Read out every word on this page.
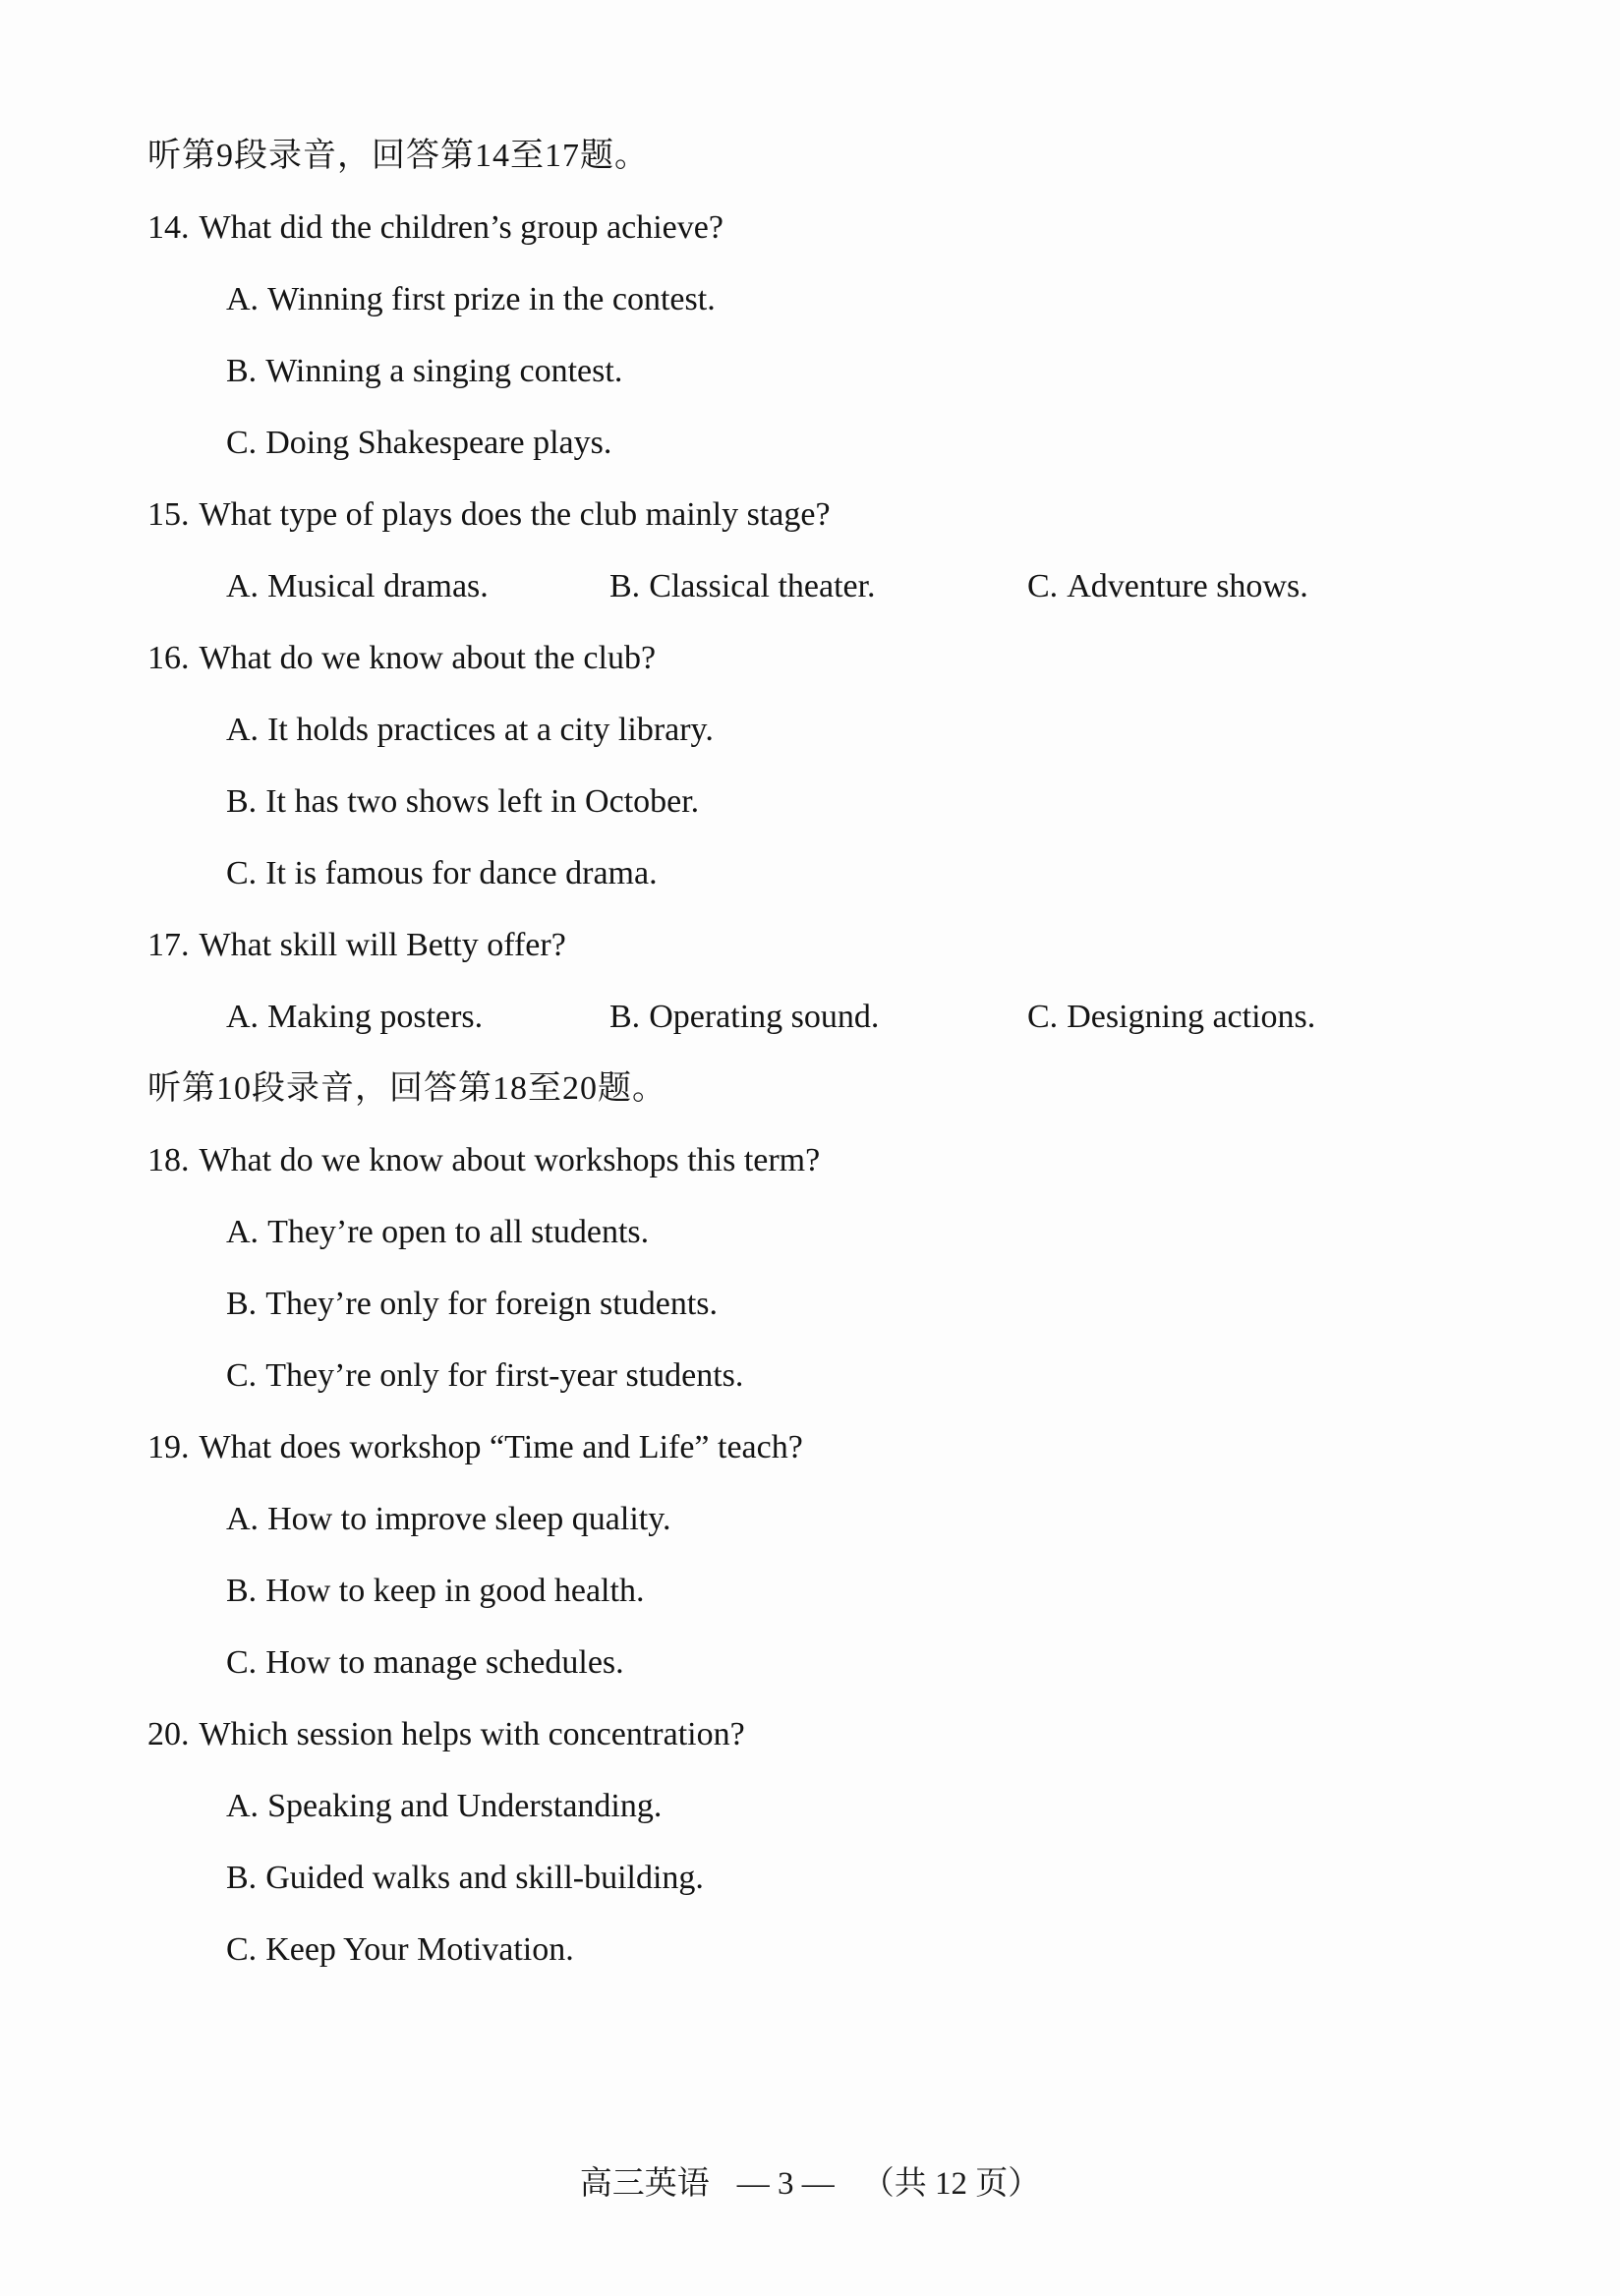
听第9段录音，回答第14至17题。
14. What did the children’s group achieve?
A. Winning first prize in the contest.
B. Winning a singing contest.
C. Doing Shakespeare plays.
15. What type of plays does the club mainly stage?
A. Musical dramas.	B. Classical theater.	C. Adventure shows.
16. What do we know about the club?
A. It holds practices at a city library.
B. It has two shows left in October.
C. It is famous for dance drama.
17. What skill will Betty offer?
A. Making posters.	B. Operating sound.	C. Designing actions.
听第10段录音，回答第18至20题。
18. What do we know about workshops this term?
A. They’re open to all students.
B. They’re only for foreign students.
C. They’re only for first-year students.
19. What does workshop “Time and Life” teach?
A. How to improve sleep quality.
B. How to keep in good health.
C. How to manage schedules.
20. Which session helps with concentration?
A. Speaking and Understanding.
B. Guided walks and skill-building.
C. Keep Your Motivation.
高三英语 — 3 — （共 12 页）
